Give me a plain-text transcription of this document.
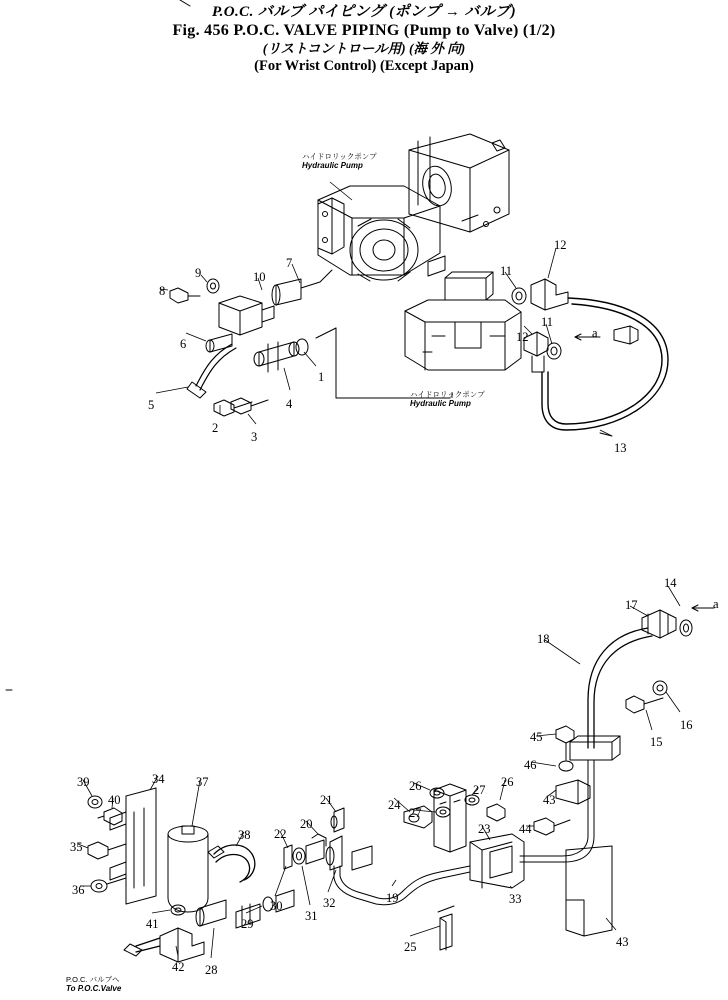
P.O.C. バルブ パイピング (ポンプ → バルブ)
Fig. 456 P.O.C. VALVE PIPING (Pump to Valve) (1/2)
(リストコントロール用) (海 外 向)
(For Wrist Control) (Except Japan)
ハイドロリックポンプ
Hydraulic Pump
ハイドロリックポンプ
Hydraulic Pump
P.O.C. バルブへ
To P.O.C.Valve
a
a
1
2
3
4
5
6
7
8
9	10	11
11
12
12
13
14
15
16
17
18
19
20
21
22	23
24
25
26	26
27
27
28
29
30
31
32	33
34
35
36
37
38
39
40
41
42
43
43
44
45
46
